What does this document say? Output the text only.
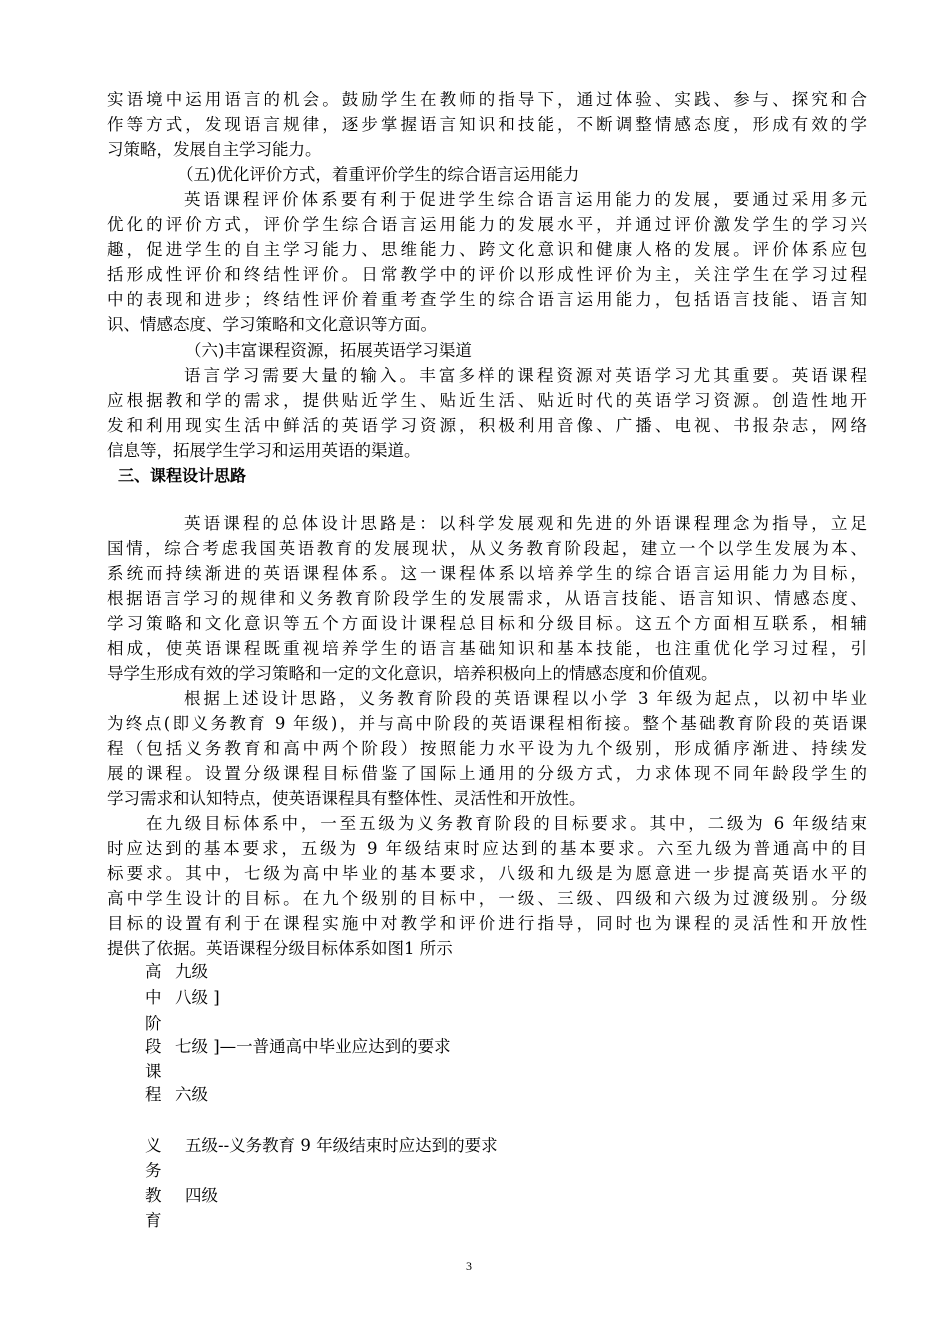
实语境中运用语言的机会。鼓励学生在教师的指导下，通过体验、实践、参与、探究和合
作等方式，发现语言规律，逐步掌握语言知识和技能，不断调整情感态度，形成有效的学
习策略，发展自主学习能力。
（五)优化评价方式，着重评价学生的综合语言运用能力
英语课程评价体系要有利于促进学生综合语言运用能力的发展，要通过采用多元
优化的评价方式，评价学生综合语言运用能力的发展水平，并通过评价激发学生的学习兴
趣，促进学生的自主学习能力、思维能力、跨文化意识和健康人格的发展。评价体系应包
括形成性评价和终结性评价。日常教学中的评价以形成性评价为主，关注学生在学习过程
中的表现和进步；终结性评价着重考查学生的综合语言运用能力，包括语言技能、语言知
识、情感态度、学习策略和文化意识等方面。
（六)丰富课程资源，拓展英语学习渠道
语言学习需要大量的输入。丰富多样的课程资源对英语学习尤其重要。英语课程
应根据教和学的需求，提供贴近学生、贴近生活、贴近时代的英语学习资源。创造性地开
发和利用现实生活中鲜活的英语学习资源，积极利用音像、广播、电视、书报杂志，网络
信息等，拓展学生学习和运用英语的渠道。
三、课程设计思路
英语课程的总体设计思路是：以科学发展观和先进的外语课程理念为指导，立足
国情，综合考虑我国英语教育的发展现状，从义务教育阶段起，建立一个以学生发展为本、
系统而持续渐进的英语课程体系。这一课程体系以培养学生的综合语言运用能力为目标，
根据语言学习的规律和义务教育阶段学生的发展需求，从语言技能、语言知识、情感态度、
学习策略和文化意识等五个方面设计课程总目标和分级目标。这五个方面相互联系，相辅
相成，使英语课程既重视培养学生的语言基础知识和基本技能，也注重优化学习过程，引
导学生形成有效的学习策略和一定的文化意识，培养积极向上的情感态度和价值观。
根据上述设计思路，义务教育阶段的英语课程以小学 3 年级为起点，以初中毕业
为终点(即义务教育 9 年级)，并与高中阶段的英语课程相衔接。整个基础教育阶段的英语课
程（包括义务教育和高中两个阶段）按照能力水平设为九个级别，形成循序渐进、持续发
展的课程。设置分级课程目标借鉴了国际上通用的分级方式，力求体现不同年龄段学生的
学习需求和认知特点，使英语课程具有整体性、灵活性和开放性。
在九级目标体系中，一至五级为义务教育阶段的目标要求。其中，二级为 6 年级结束
时应达到的基本要求，五级为 9 年级结束时应达到的基本要求。六至九级为普通高中的目
标要求。其中，七级为高中毕业的基本要求，八级和九级是为愿意进一步提高英语水平的
高中学生设计的目标。在九个级别的目标中，一级、三级、四级和六级为过渡级别。分级
目标的设置有利于在课程实施中对教学和评价进行指导，同时也为课程的灵活性和开放性
提供了依据。英语课程分级目标体系如图1 所示
高
中
阶
段
课
程
九级
八级 ]
七级 ]—一普通高中毕业应达到的要求
六级
义
务
教
育
五级--义务教育 9 年级结束时应达到的要求
四级
3
